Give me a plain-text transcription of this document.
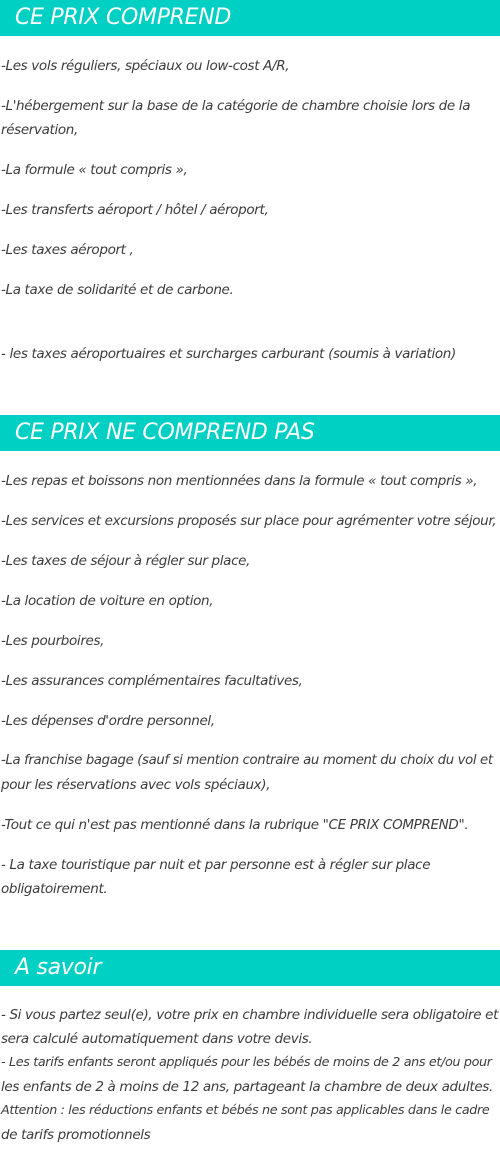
CE PRIX COMPREND
-Les vols réguliers, spéciaux ou low-cost A/R,
-L'hébergement sur la base de la catégorie de chambre choisie lors de la
réservation,
-La formule « tout compris »,
-Les transferts aéroport / hôtel / aéroport,
-Les taxes aéroport ,
-La taxe de solidarité et de carbone.
- les taxes aéroportuaires et surcharges carburant (soumis à variation)
CE PRIX NE COMPREND PAS
-Les repas et boissons non mentionnées dans la formule « tout compris »,
-Les services et excursions proposés sur place pour agrémenter votre séjour,
-Les taxes de séjour à régler sur place,
-La location de voiture en option,
-Les pourboires,
-Les assurances complémentaires facultatives,
-Les dépenses d'ordre personnel,
-La franchise bagage (sauf si mention contraire au moment du choix du vol et
pour les réservations avec vols spéciaux),
-Tout ce qui n'est pas mentionné dans la rubrique "CE PRIX COMPREND".
- La taxe touristique par nuit et par personne est à régler sur place
obligatoirement.
A savoir
- Si vous partez seul(e), votre prix en chambre individuelle sera obligatoire et
sera calculé automatiquement dans votre devis.
- Les tarifs enfants seront appliqués pour les bébés de moins de 2 ans et/ou pour
les enfants de 2 à moins de 12 ans, partageant la chambre de deux adultes.
Attention : les réductions enfants et bébés ne sont pas applicables dans le cadre
de tarifs promotionnels
